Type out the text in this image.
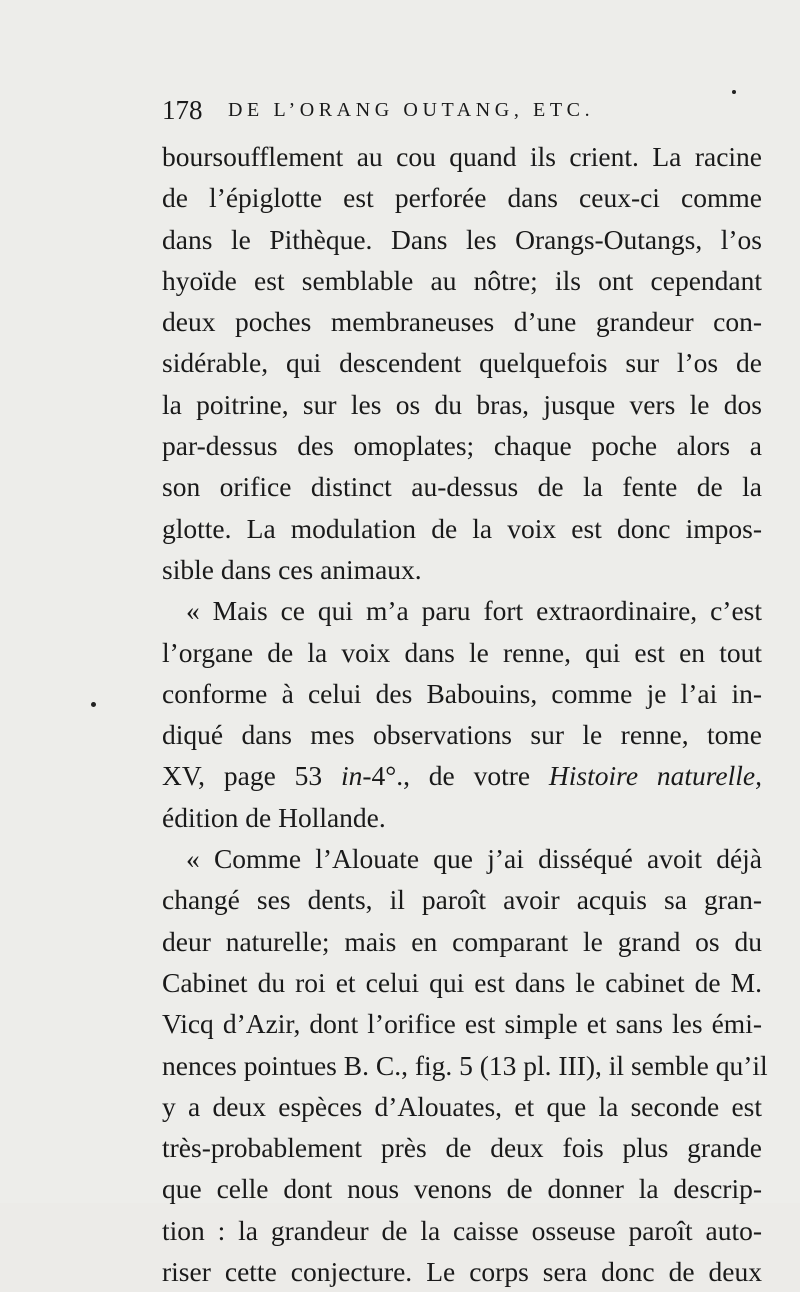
178 DE L’ORANG OUTANG, ETC.
boursoufflement au cou quand ils crient. La racine
de l’épiglotte est perforée dans ceux-ci comme
dans le Pithèque. Dans les Orangs-Outangs, l’os
hyoïde est semblable au nôtre; ils ont cependant
deux poches membraneuses d’une grandeur con-
sidérable, qui descendent quelquefois sur l’os de
la poitrine, sur les os du bras, jusque vers le dos
par-dessus des omoplates; chaque poche alors a
son orifice distinct au-dessus de la fente de la
glotte. La modulation de la voix est donc impos-
sible dans ces animaux.
« Mais ce qui m’a paru fort extraordinaire, c’est
l’organe de la voix dans le renne, qui est en tout
conforme à celui des Babouins, comme je l’ai in-
diqué dans mes observations sur le renne, tome
XV, page 53 in-4°., de votre Histoire naturelle,
édition de Hollande.
« Comme l’Alouate que j’ai disséqué avoit déjà
changé ses dents, il paroît avoir acquis sa gran-
deur naturelle; mais en comparant le grand os du
Cabinet du roi et celui qui est dans le cabinet de M.
Vicq d’Azir, dont l’orifice est simple et sans les émi-
nences pointues B. C., fig. 5 (13 pl. III), il semble qu’il
y a deux espèces d’Alouates, et que la seconde est
très-probablement près de deux fois plus grande
que celle dont nous venons de donner la descrip-
tion : la grandeur de la caisse osseuse paroît auto-
riser cette conjecture. Le corps sera donc de deux
